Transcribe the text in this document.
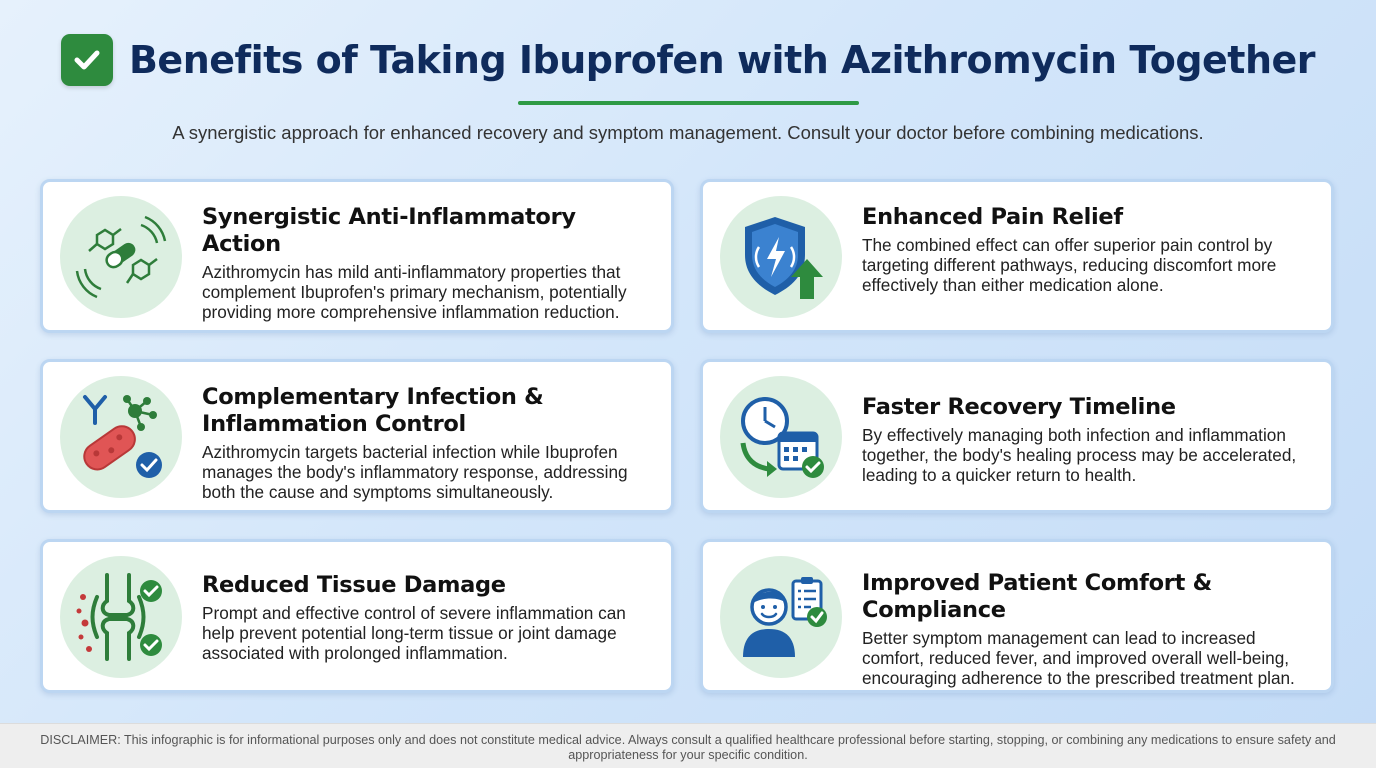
Benefits of Taking Ibuprofen with Azithromycin Together

A synergistic approach for enhanced recovery and symptom management. Consult your doctor before combining medications.

Synergistic Anti-Inflammatory Action
Azithromycin has mild anti-inflammatory properties that complement Ibuprofen's primary mechanism, potentially providing more comprehensive inflammation reduction.
Enhanced Pain Relief
The combined effect can offer superior pain control by targeting different pathways, reducing discomfort more effectively than either medication alone.
Complementary Infection & Inflammation Control
Azithromycin targets bacterial infection while Ibuprofen manages the body's inflammatory response, addressing both the cause and symptoms simultaneously.
Faster Recovery Timeline
By effectively managing both infection and inflammation together, the body's healing process may be accelerated, leading to a quicker return to health.
Reduced Tissue Damage
Prompt and effective control of severe inflammation can help prevent potential long-term tissue or joint damage associated with prolonged inflammation.
Improved Patient Comfort & Compliance
Better symptom management can lead to increased comfort, reduced fever, and improved overall well-being, encouraging adherence to the prescribed treatment plan.
DISCLAIMER: This infographic is for informational purposes only and does not constitute medical advice. Always consult a qualified healthcare professional before starting, stopping, or combining any medications to ensure safety and appropriateness for your specific condition.
